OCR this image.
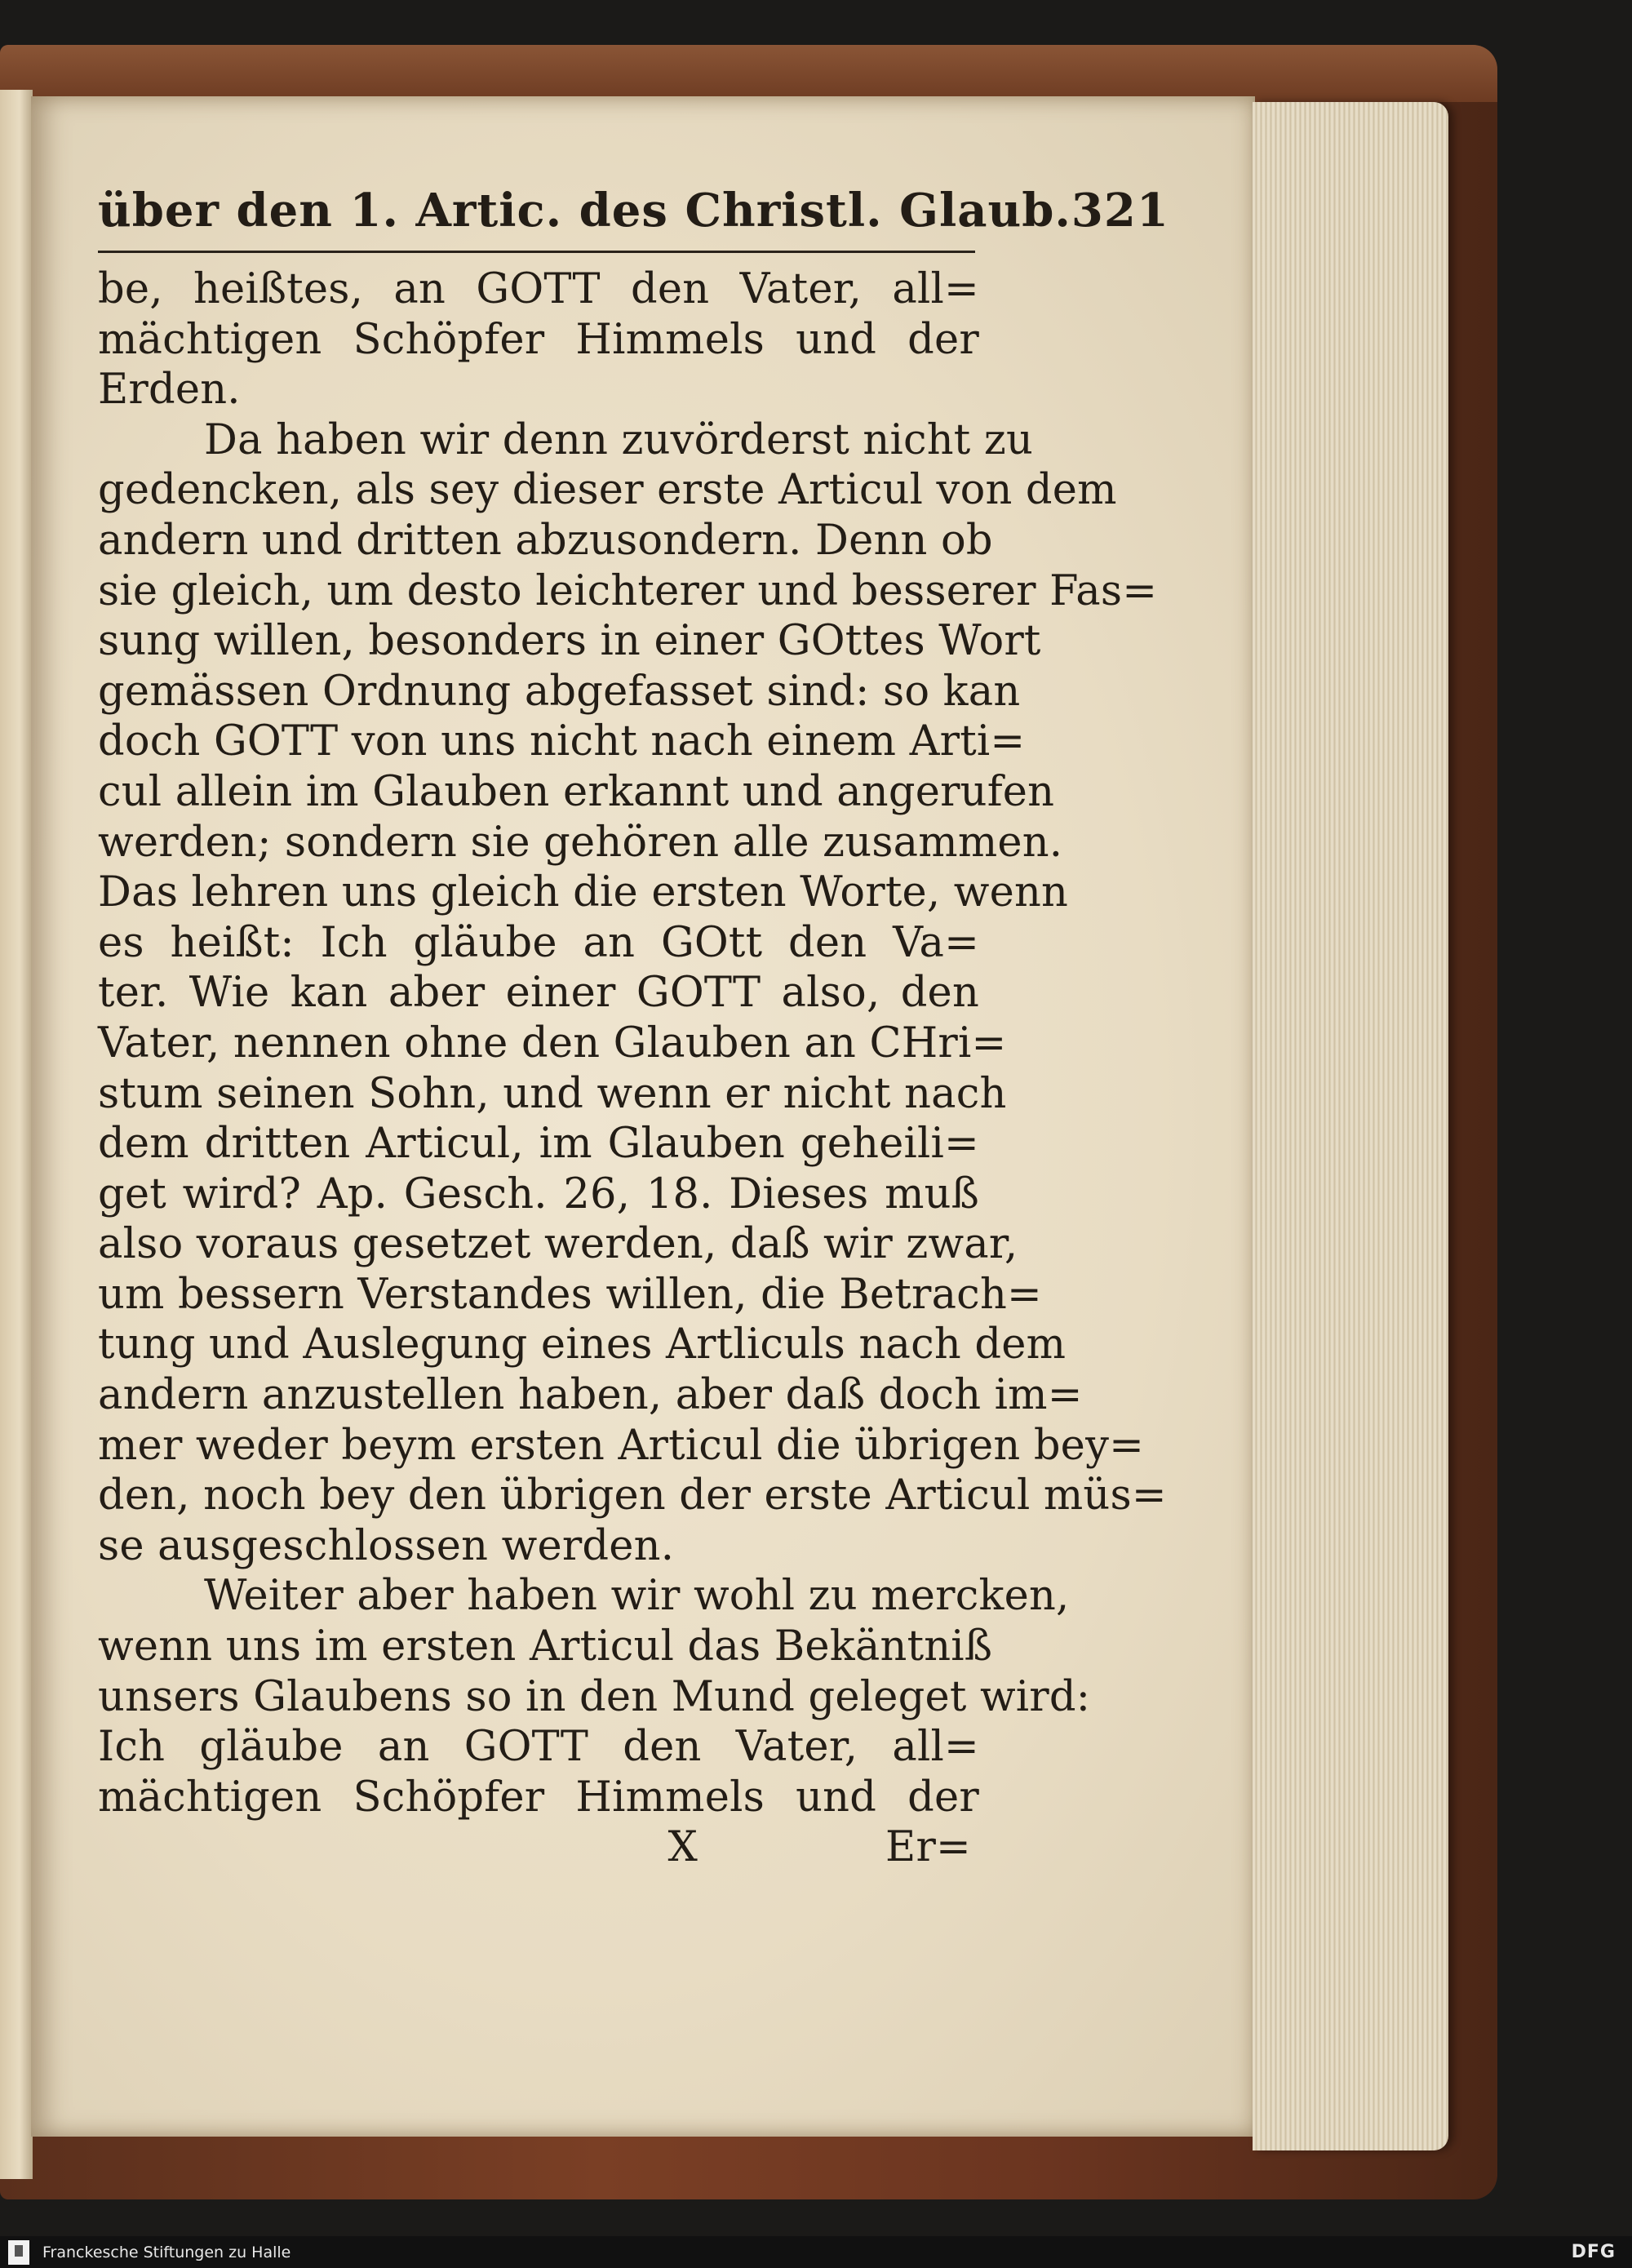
über den 1. Artic. des Christl. Glaub. 321
be, heißtes, an GOTT den Vater, all=
mächtigen Schöpfer Himmels und der
Erden.
Da haben wir denn zuvörderst nicht zu
gedencken, als sey dieser erste Articul von dem
andern und dritten abzusondern. Denn ob
sie gleich, um desto leichterer und besserer Fas=
sung willen, besonders in einer GOttes Wort
gemässen Ordnung abgefasset sind: so kan
doch GOTT von uns nicht nach einem Arti=
cul allein im Glauben erkannt und angerufen
werden; sondern sie gehören alle zusammen.
Das lehren uns gleich die ersten Worte, wenn
es heißt: Ich gläube an GOtt den Va=
ter. Wie kan aber einer GOTT also, den
Vater, nennen ohne den Glauben an CHri=
stum seinen Sohn, und wenn er nicht nach
dem dritten Articul, im Glauben geheili=
get wird? Ap. Gesch. 26, 18. Dieses muß
also voraus gesetzet werden, daß wir zwar,
um bessern Verstandes willen, die Betrach=
tung und Auslegung eines Artliculs nach dem
andern anzustellen haben, aber daß doch im=
mer weder beym ersten Articul die übrigen bey=
den, noch bey den übrigen der erste Articul müs=
se ausgeschlossen werden.
Weiter aber haben wir wohl zu mercken,
wenn uns im ersten Articul das Bekäntniß
unsers Glaubens so in den Mund geleget wird:
Ich gläube an GOTT den Vater, all=
mächtigen Schöpfer Himmels und der
X	Er=
Franckesche Stiftungen zu Halle	DFG
